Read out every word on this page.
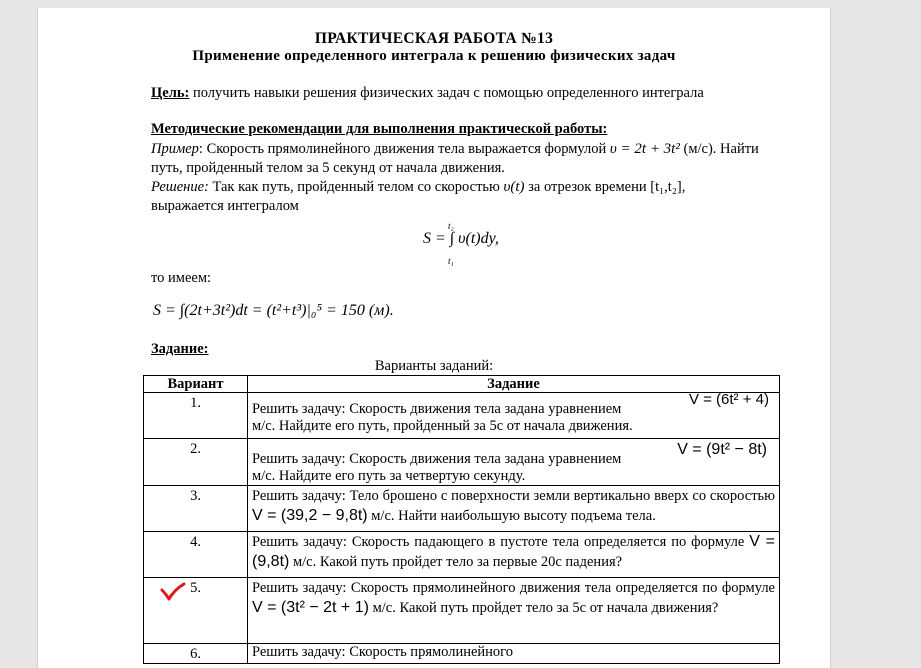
ПРАКТИЧЕСКАЯ РАБОТА №13
Применение определенного интеграла к решению физических задач
Цель: получить навыки решения физических задач с помощью определенного интеграла
Методические рекомендации для выполнения практической работы:
Пример: Скорость прямолинейного движения тела выражается формулой υ = 2t + 3t² (м/с). Найти путь, пройденный телом за 5 секунд от начала движения.
Решение: Так как путь, пройденный телом со скоростью υ(t) за отрезок времени [t₁,t₂],
выражается интегралом
t₂
S = ∫ υ(t)dy,
t₁
то имеем:
S = ∫(2t+3t²)dt = (t²+t³)|₀⁵ = 150 (м).
Задание:
Варианты заданий:
Вариант	Задание
1.	Решить задачу: Скорость движения тела задана уравнением
V = (6t² + 4)
м/с. Найдите его путь, пройденный за 5с от начала движения.

2.	Решить задачу: Скорость движения тела задана уравнением
V = (9t² − 8t)
м/с. Найдите его путь за четвертую секунду.

3.	Решить задачу: Тело брошено с поверхности земли вертикально вверх со скоростью V = (39,2 − 9,8t) м/с. Найти наибольшую высоту подъема тела.

4.	Решить задачу: Скорость падающего в пустоте тела определяется по формуле V = (9,8t) м/с. Какой путь пройдет тело за первые 20с падения?

5.	Решить задачу: Скорость прямолинейного движения тела определяется по формуле V = (3t² − 2t + 1) м/с. Какой путь пройдет тело за 5с от начала движения?

6.	Решить задачу: Скорость прямолинейного
